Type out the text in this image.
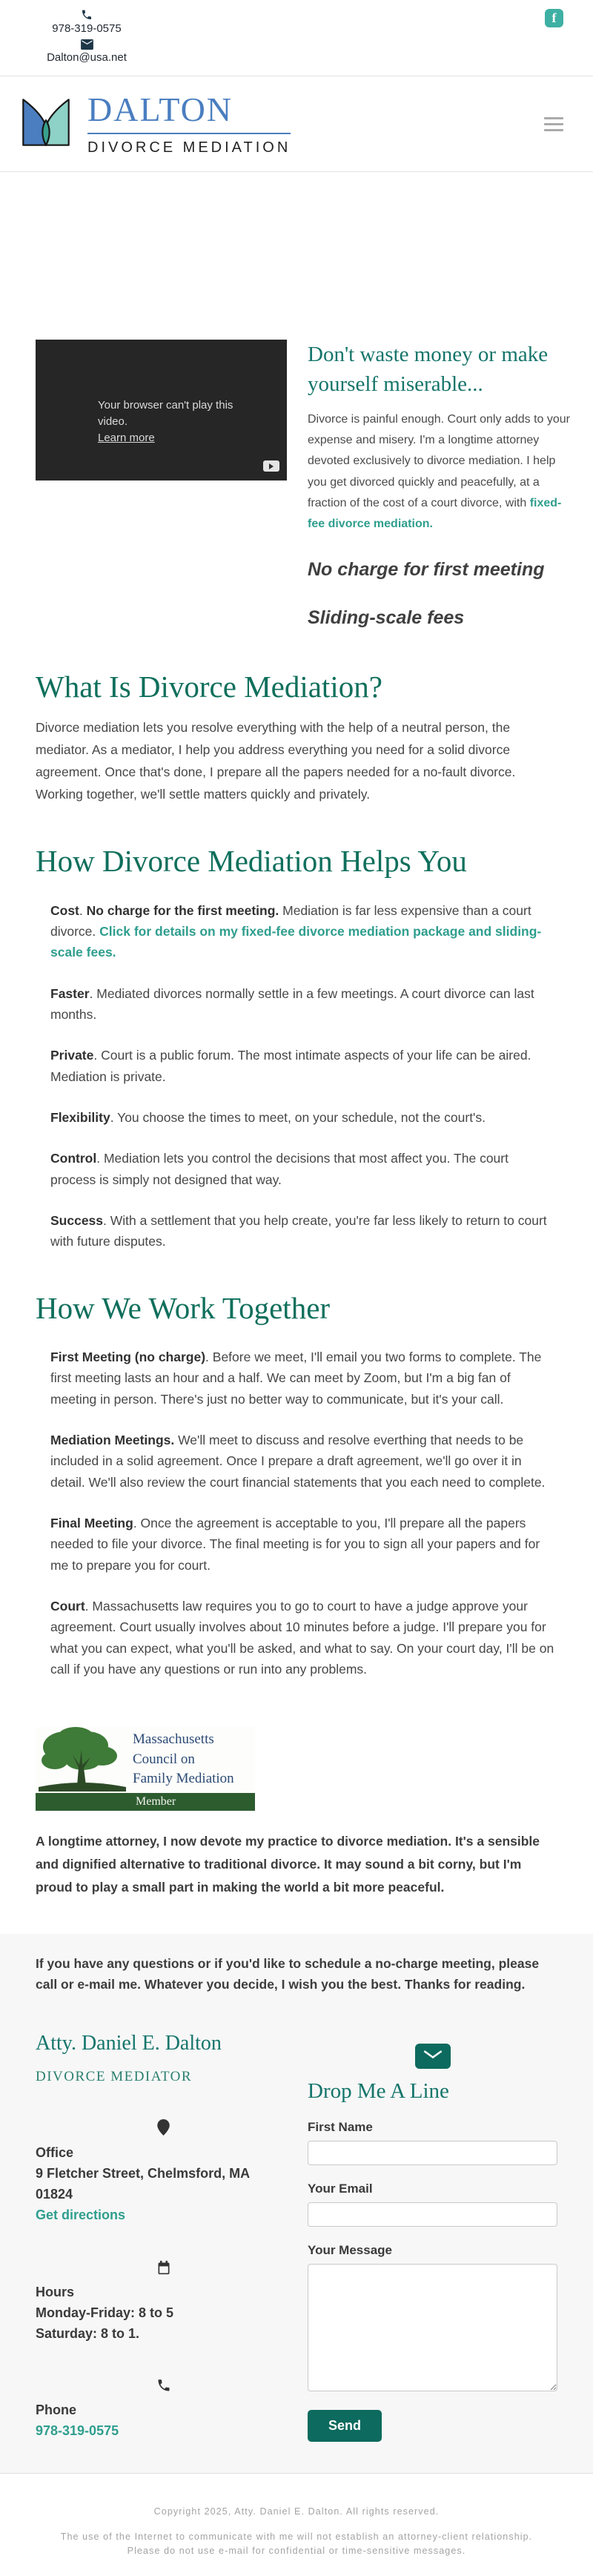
978-319-0575
Dalton@usa.net
f
DALTON
DIVORCE MEDIATION
Your browser can't play this video.
Learn more
Don't waste money or make yourself miserable...

Divorce is painful enough. Court only adds to your expense and misery. I'm a longtime attorney devoted exclusively to divorce mediation. I help you get divorced quickly and peacefully, at a fraction of the cost of a court divorce, with fixed-fee divorce mediation.

No charge for first meeting
Sliding-scale fees
What Is Divorce Mediation?

Divorce mediation lets you resolve everything with the help of a neutral person, the mediator. As a mediator, I help you address everything you need for a solid divorce agreement. Once that's done, I prepare all the papers needed for a no-fault divorce. Working together, we'll settle matters quickly and privately.

How Divorce Mediation Helps You
Cost. No charge for the first meeting. Mediation is far less expensive than a court divorce. Click for details on my fixed-fee divorce mediation package and sliding-scale fees.
Faster. Mediated divorces normally settle in a few meetings. A court divorce can last months.
Private. Court is a public forum. The most intimate aspects of your life can be aired. Mediation is private.
Flexibility. You choose the times to meet, on your schedule, not the court's.
Control. Mediation lets you control the decisions that most affect you. The court process is simply not designed that way.
Success. With a settlement that you help create, you're far less likely to return to court with future disputes.
How We Work Together
First Meeting (no charge). Before we meet, I'll email you two forms to complete. The first meeting lasts an hour and a half. We can meet by Zoom, but I'm a big fan of meeting in person. There's just no better way to communicate, but it's your call.
Mediation Meetings. We'll meet to discuss and resolve everthing that needs to be included in a solid agreement. Once I prepare a draft agreement, we'll go over it in detail. We'll also review the court financial statements that you each need to complete.
Final Meeting. Once the agreement is acceptable to you, I'll prepare all the papers needed to file your divorce. The final meeting is for you to sign all your papers and for me to prepare you for court.
Court. Massachusetts law requires you to go to court to have a judge approve your agreement. Court usually involves about 10 minutes before a judge. I'll prepare you for what you can expect, what you'll be asked, and what to say. On your court day, I'll be on call if you have any questions or run into any problems.
Massachusetts
Council on
Family Mediation
Member

A longtime attorney, I now devote my practice to divorce mediation. It's a sensible and dignified alternative to traditional divorce. It may sound a bit corny, but I'm proud to play a small part in making the world a bit more peaceful.

If you have any questions or if you'd like to schedule a no-charge meeting, please call or e-mail me. Whatever you decide, I wish you the best. Thanks for reading.

Atty. Daniel E. Dalton
DIVORCE MEDIATOR
Office
9 Fletcher Street, Chelmsford, MA
01824
Get directions
Hours
Monday-Friday: 8 to 5
Saturday: 8 to 1.
Phone
978-319-0575
Drop Me A Line
First Name
Your Email
Your Message
Send
Copyright 2025, Atty. Daniel E. Dalton. All rights reserved.
The use of the Internet to communicate with me will not establish an attorney-client relationship.
Please do not use e-mail for confidential or time-sensitive messages.
